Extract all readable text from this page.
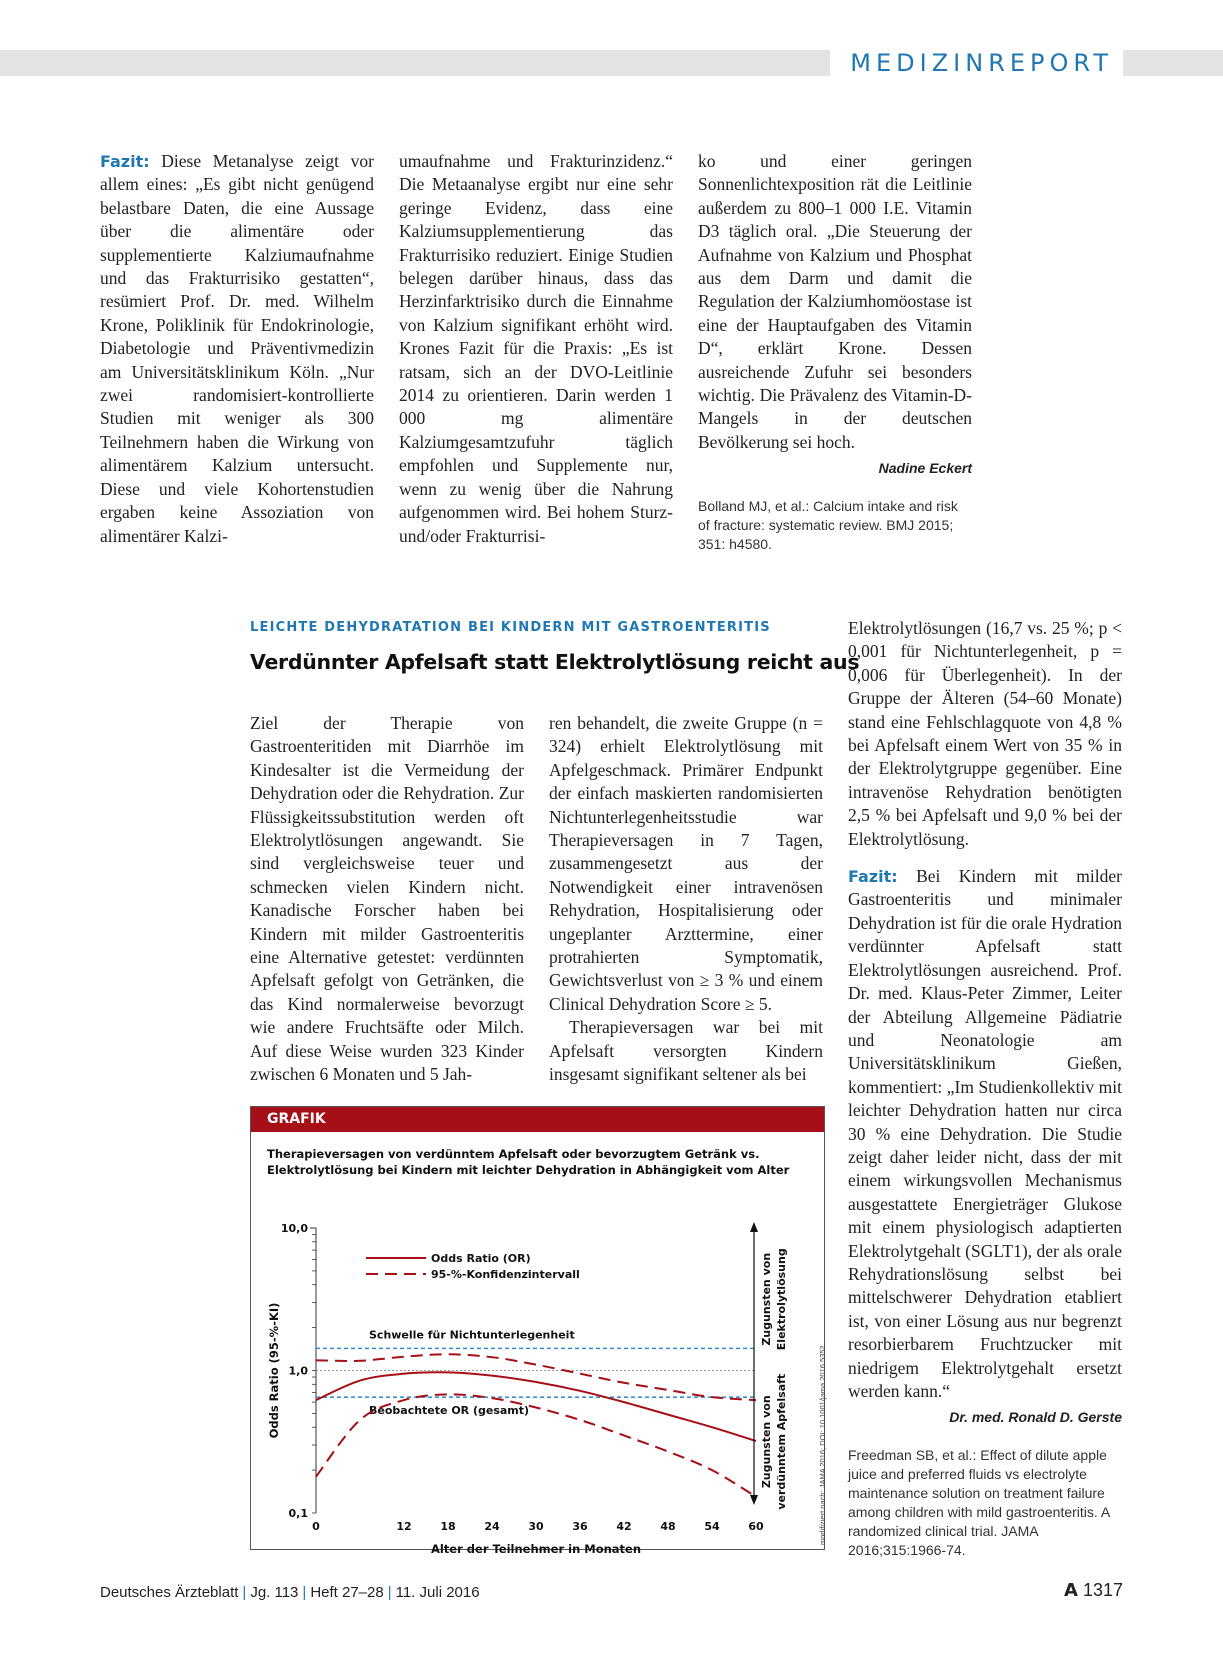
MEDIZINREPORT

Fazit: Diese Metanalyse zeigt vor allem eines: „Es gibt nicht genügend belastbare Daten, die eine Aussage über die alimentäre oder supplementierte Kalziumaufnahme und das Frakturrisiko gestatten“, resümiert Prof. Dr. med. Wilhelm Krone, Poliklinik für Endokrinologie, Diabetologie und Präventivmedizin am Universitätsklinikum Köln. „Nur zwei randomisiert-kontrollierte Studien mit weniger als 300 Teilnehmern haben die Wirkung von alimentärem Kalzium untersucht. Diese und viele Kohortenstudien ergaben keine Assoziation von alimentärer Kalzi-

umaufnahme und Frakturinzidenz.“ Die Metaanalyse ergibt nur eine sehr geringe Evidenz, dass eine Kalziumsupplementierung das Frakturrisiko reduziert. Einige Studien belegen darüber hinaus, dass das Herzinfarktrisiko durch die Einnahme von Kalzium signifikant erhöht wird. Krones Fazit für die Praxis: „Es ist ratsam, sich an der DVO-Leitlinie 2014 zu orientieren. Darin werden 1 000 mg alimentäre Kalziumgesamtzufuhr täglich empfohlen und Supplemente nur, wenn zu wenig über die Nahrung aufgenommen wird. Bei hohem Sturz- und/oder Frakturrisi-

ko und einer geringen Sonnenlichtexposition rät die Leitlinie außerdem zu 800–1 000 I.E. Vitamin D3 täglich oral. „Die Steuerung der Aufnahme von Kalzium und Phosphat aus dem Darm und damit die Regulation der Kalziumhomöostase ist eine der Hauptaufgaben des Vitamin D“, erklärt Krone. Dessen ausreichende Zufuhr sei besonders wichtig. Die Prävalenz des Vitamin-D-Mangels in der deutschen Bevölkerung sei hoch.

Nadine Eckert
Bolland MJ, et al.: Calcium intake and risk of fracture: systematic review. BMJ 2015; 351: h4580.
LEICHTE DEHYDRATATION BEI KINDERN MIT GASTROENTERITIS
Verdünnter Apfelsaft statt Elektrolytlösung reicht aus

Ziel der Therapie von Gastroenteritiden mit Diarrhöe im Kindesalter ist die Vermeidung der Dehydration oder die Rehydration. Zur Flüssigkeitssubstitution werden oft Elektrolytlösungen angewandt. Sie sind vergleichsweise teuer und schmecken vielen Kindern nicht. Kanadische Forscher haben bei Kindern mit milder Gastroenteritis eine Alternative getestet: verdünnten Apfelsaft gefolgt von Getränken, die das Kind normalerweise bevorzugt wie andere Fruchtsäfte oder Milch. Auf diese Weise wurden 323 Kinder zwischen 6 Monaten und 5 Jah-

ren behandelt, die zweite Gruppe (n = 324) erhielt Elektrolytlösung mit Apfelgeschmack. Primärer Endpunkt der einfach maskierten randomisierten Nichtunterlegenheitsstudie war Therapieversagen in 7 Tagen, zusammengesetzt aus der Notwendigkeit einer intravenösen Rehydration, Hospitalisierung oder ungeplanter Arzttermine, einer protrahierten Symptomatik, Gewichtsverlust von ≥ 3 % und einem Clinical Dehydration Score ≥ 5.

Therapieversagen war bei mit Apfelsaft versorgten Kindern insgesamt signifikant seltener als bei

Elektrolytlösungen (16,7 vs. 25 %; p < 0,001 für Nichtunterlegenheit, p = 0,006 für Überlegenheit). In der Gruppe der Älteren (54–60 Monate) stand eine Fehlschlagquote von 4,8 % bei Apfelsaft einem Wert von 35 % in der Elektrolytgruppe gegenüber. Eine intravenöse Rehydration benötigten 2,5 % bei Apfelsaft und 9,0 % bei der Elektrolytlösung.

Fazit: Bei Kindern mit milder Gastroenteritis und minimaler Dehydration ist für die orale Hydration verdünnter Apfelsaft statt Elektrolytlösungen ausreichend. Prof. Dr. med. Klaus-Peter Zimmer, Leiter der Abteilung Allgemeine Pädiatrie und Neonatologie am Universitätsklinikum Gießen, kommentiert: „Im Studienkollektiv mit leichter Dehydration hatten nur circa 30 % eine Dehydration. Die Studie zeigt daher leider nicht, dass der mit einem wirkungsvollen Mechanismus ausgestattete Energieträger Glukose mit einem physiologisch adaptierten Elektrolytgehalt (SGLT1), der als orale Rehydrationslösung selbst bei mittelschwerer Dehydration etabliert ist, von einer Lösung aus nur begrenzt resorbierbarem Fruchtzucker mit niedrigem Elektrolytgehalt ersetzt werden kann.“

Dr. med. Ronald D. Gerste
Freedman SB, et al.: Effect of dilute apple juice and preferred fluids vs electrolyte maintenance solution on treatment failure among children with mild gastroenteritis. A randomized clinical trial. JAMA 2016;315:1966-74.
GRAFIK
Therapieversagen von verdünntem Apfelsaft oder bevorzugtem Getränk vs.
Elektrolytlösung bei Kindern mit leichter Dehydration in Abhängigkeit vom Alter
10,0
1,0
0,1
0	12	18	24	30	36	42	48	54	60
Alter der Teilnehmer in Monaten
Odds Ratio (95-%-KI)	Schwelle für Nichtunterlegenheit
Beobachtete OR (gesamt)
Odds Ratio (OR)
95-%-Konfidenzintervall	Zugunsten von Elektrolytlösung
Zugunsten von verdünntem Apfelsaft	modifiziert nach: JAMA 2016; DOI: 10.1001/jama.2016.5352
Deutsches Ärzteblatt | Jg. 113 | Heft 27–28 | 11. Juli 2016	A 1317
